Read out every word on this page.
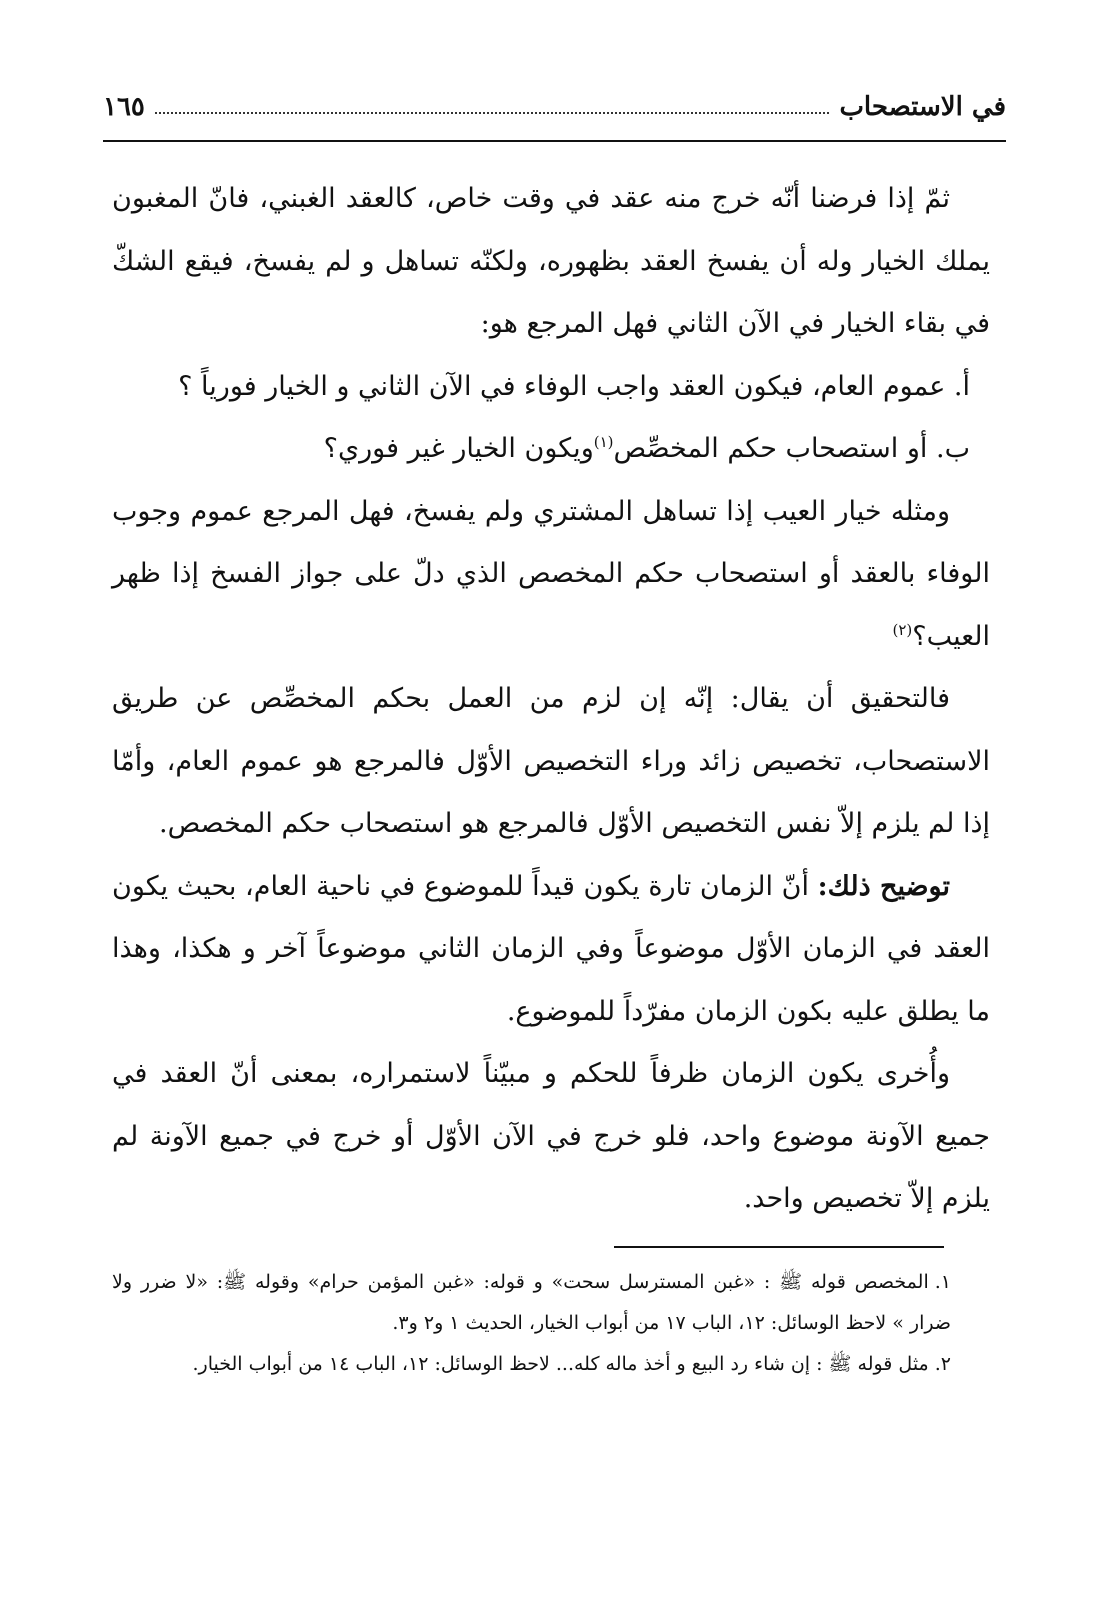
في الاستصحاب
١٦٥

ثمّ إذا فرضنا أنّه خرج منه عقد في وقت خاص، كالعقد الغبني، فانّ المغبون يملك الخيار وله أن يفسخ العقد بظهوره، ولكنّه تساهل و لم يفسخ، فيقع الشكّ في بقاء الخيار في الآن الثاني فهل المرجع هو:

أ. عموم العام، فيكون العقد واجب الوفاء في الآن الثاني و الخيار فورياً ؟

ب. أو استصحاب حكم المخصِّص$^{(١)}$ويكون الخيار غير فوري؟

ومثله خيار العيب إذا تساهل المشتري ولم يفسخ، فهل المرجع عموم وجوب الوفاء بالعقد أو استصحاب حكم المخصص الذي دلّ على جواز الفسخ إذا ظهر العيب؟$^{(٢)}$

فالتحقيق أن يقال: إنّه إن لزم من العمل بحكم المخصِّص عن طريق الاستصحاب، تخصيص زائد وراء التخصيص الأوّل فالمرجع هو عموم العام، وأمّا إذا لم يلزم إلاّ نفس التخصيص الأوّل فالمرجع هو استصحاب حكم المخصص.

توضيح ذلك: أنّ الزمان تارة يكون قيداً للموضوع في ناحية العام، بحيث يكون العقد في الزمان الأوّل موضوعاً وفي الزمان الثاني موضوعاً آخر و هكذا، وهذا ما يطلق عليه بكون الزمان مفرّداً للموضوع.

وأُخرى يكون الزمان ظرفاً للحكم و مبيّناً لاستمراره، بمعنى أنّ العقد في جميع الآونة موضوع واحد، فلو خرج في الآن الأوّل أو خرج في جميع الآونة لم يلزم إلاّ تخصيص واحد.

١.المخصص قوله ﷺ : «غبن المسترسل سحت» و قوله: «غبن المؤمن حرام» وقوله ﷺ: «لا ضرر ولا ضرار » لاحظ الوسائل: ١٢، الباب ١٧ من أبواب الخيار، الحديث ١ و٢ و٣.

٢.مثل قوله ﷺ : إن شاء رد البيع و أخذ ماله كله... لاحظ الوسائل: ١٢، الباب ١٤ من أبواب الخيار.
